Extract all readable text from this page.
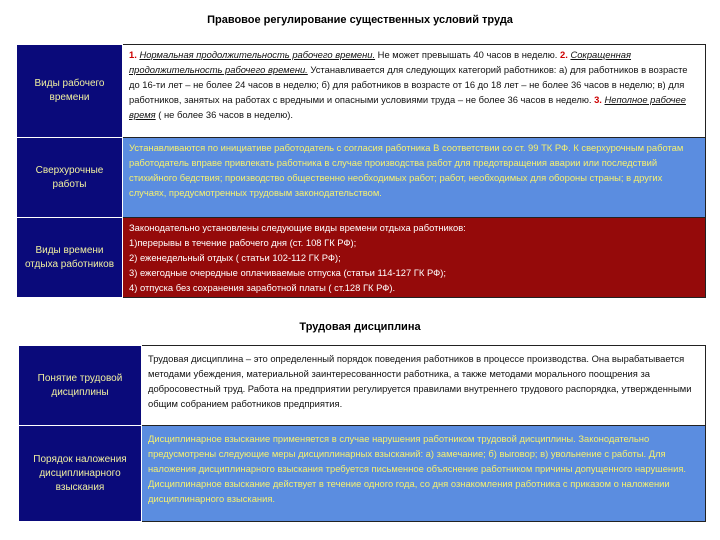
Правовое регулирование существенных условий труда
Виды рабочего времени	1. Нормальная продолжительность рабочего времени. Не может превышать 40 часов в неделю. 2. Сокращенная продолжительность рабочего времени. Устанавливается для следующих категорий работников: а) для работников в возрасте до 16-ти лет – не более 24 часов в неделю; б) для работников в возрасте от 16 до 18 лет – не более 36 часов в неделю; в) для работников, занятых на работах с вредными и опасными условиями труда – не более 36 часов в неделю. 3. Неполное рабочее время ( не более 36 часов в неделю).
Сверхурочные работы	Устанавливаются по инициативе работодатель с согласия работника В соответствии со ст. 99 ТК РФ. К сверхурочным работам работодатель вправе привлекать работника в случае производства работ для предотвращения аварии или последствий стихийного бедствия; производство общественно необходимых работ; работ, необходимых для обороны страны; в других случаях, предусмотренных трудовым законодательством.
Виды времени отдыха работников	Законодательно установлены следующие виды времени отдыха работников:
1)перерывы в течение рабочего дня (ст. 108 ГК РФ);
2) еженедельный отдых ( статьи 102-112 ГК РФ);
3) ежегодные очередные оплачиваемые отпуска (статьи 114-127 ГК РФ);
4) отпуска без сохранения заработной платы ( ст.128 ГК РФ).
Трудовая дисциплина
Понятие трудовой дисциплины	Трудовая дисциплина – это определенный порядок поведения работников в процессе производства. Она вырабатывается методами убеждения, материальной заинтересованности работника, а также методами морального поощрения за добросовестный труд. Работа на предприятии регулируется правилами внутреннего трудового распорядка, утвержденными общим собранием работников предприятия.
Порядок наложения дисциплинарного взыскания	Дисциплинарное взыскание применяется в случае нарушения работником трудовой дисциплины. Законодательно предусмотрены следующие меры дисциплинарных взысканий: а) замечание; б) выговор; в) увольнение с работы. Для наложения дисциплинарного взыскания требуется письменное объяснение работником причины допущенного нарушения. Дисциплинарное взыскание действует в течение одного года, со дня ознакомления работника с приказом о наложении дисциплинарного взыскания.
